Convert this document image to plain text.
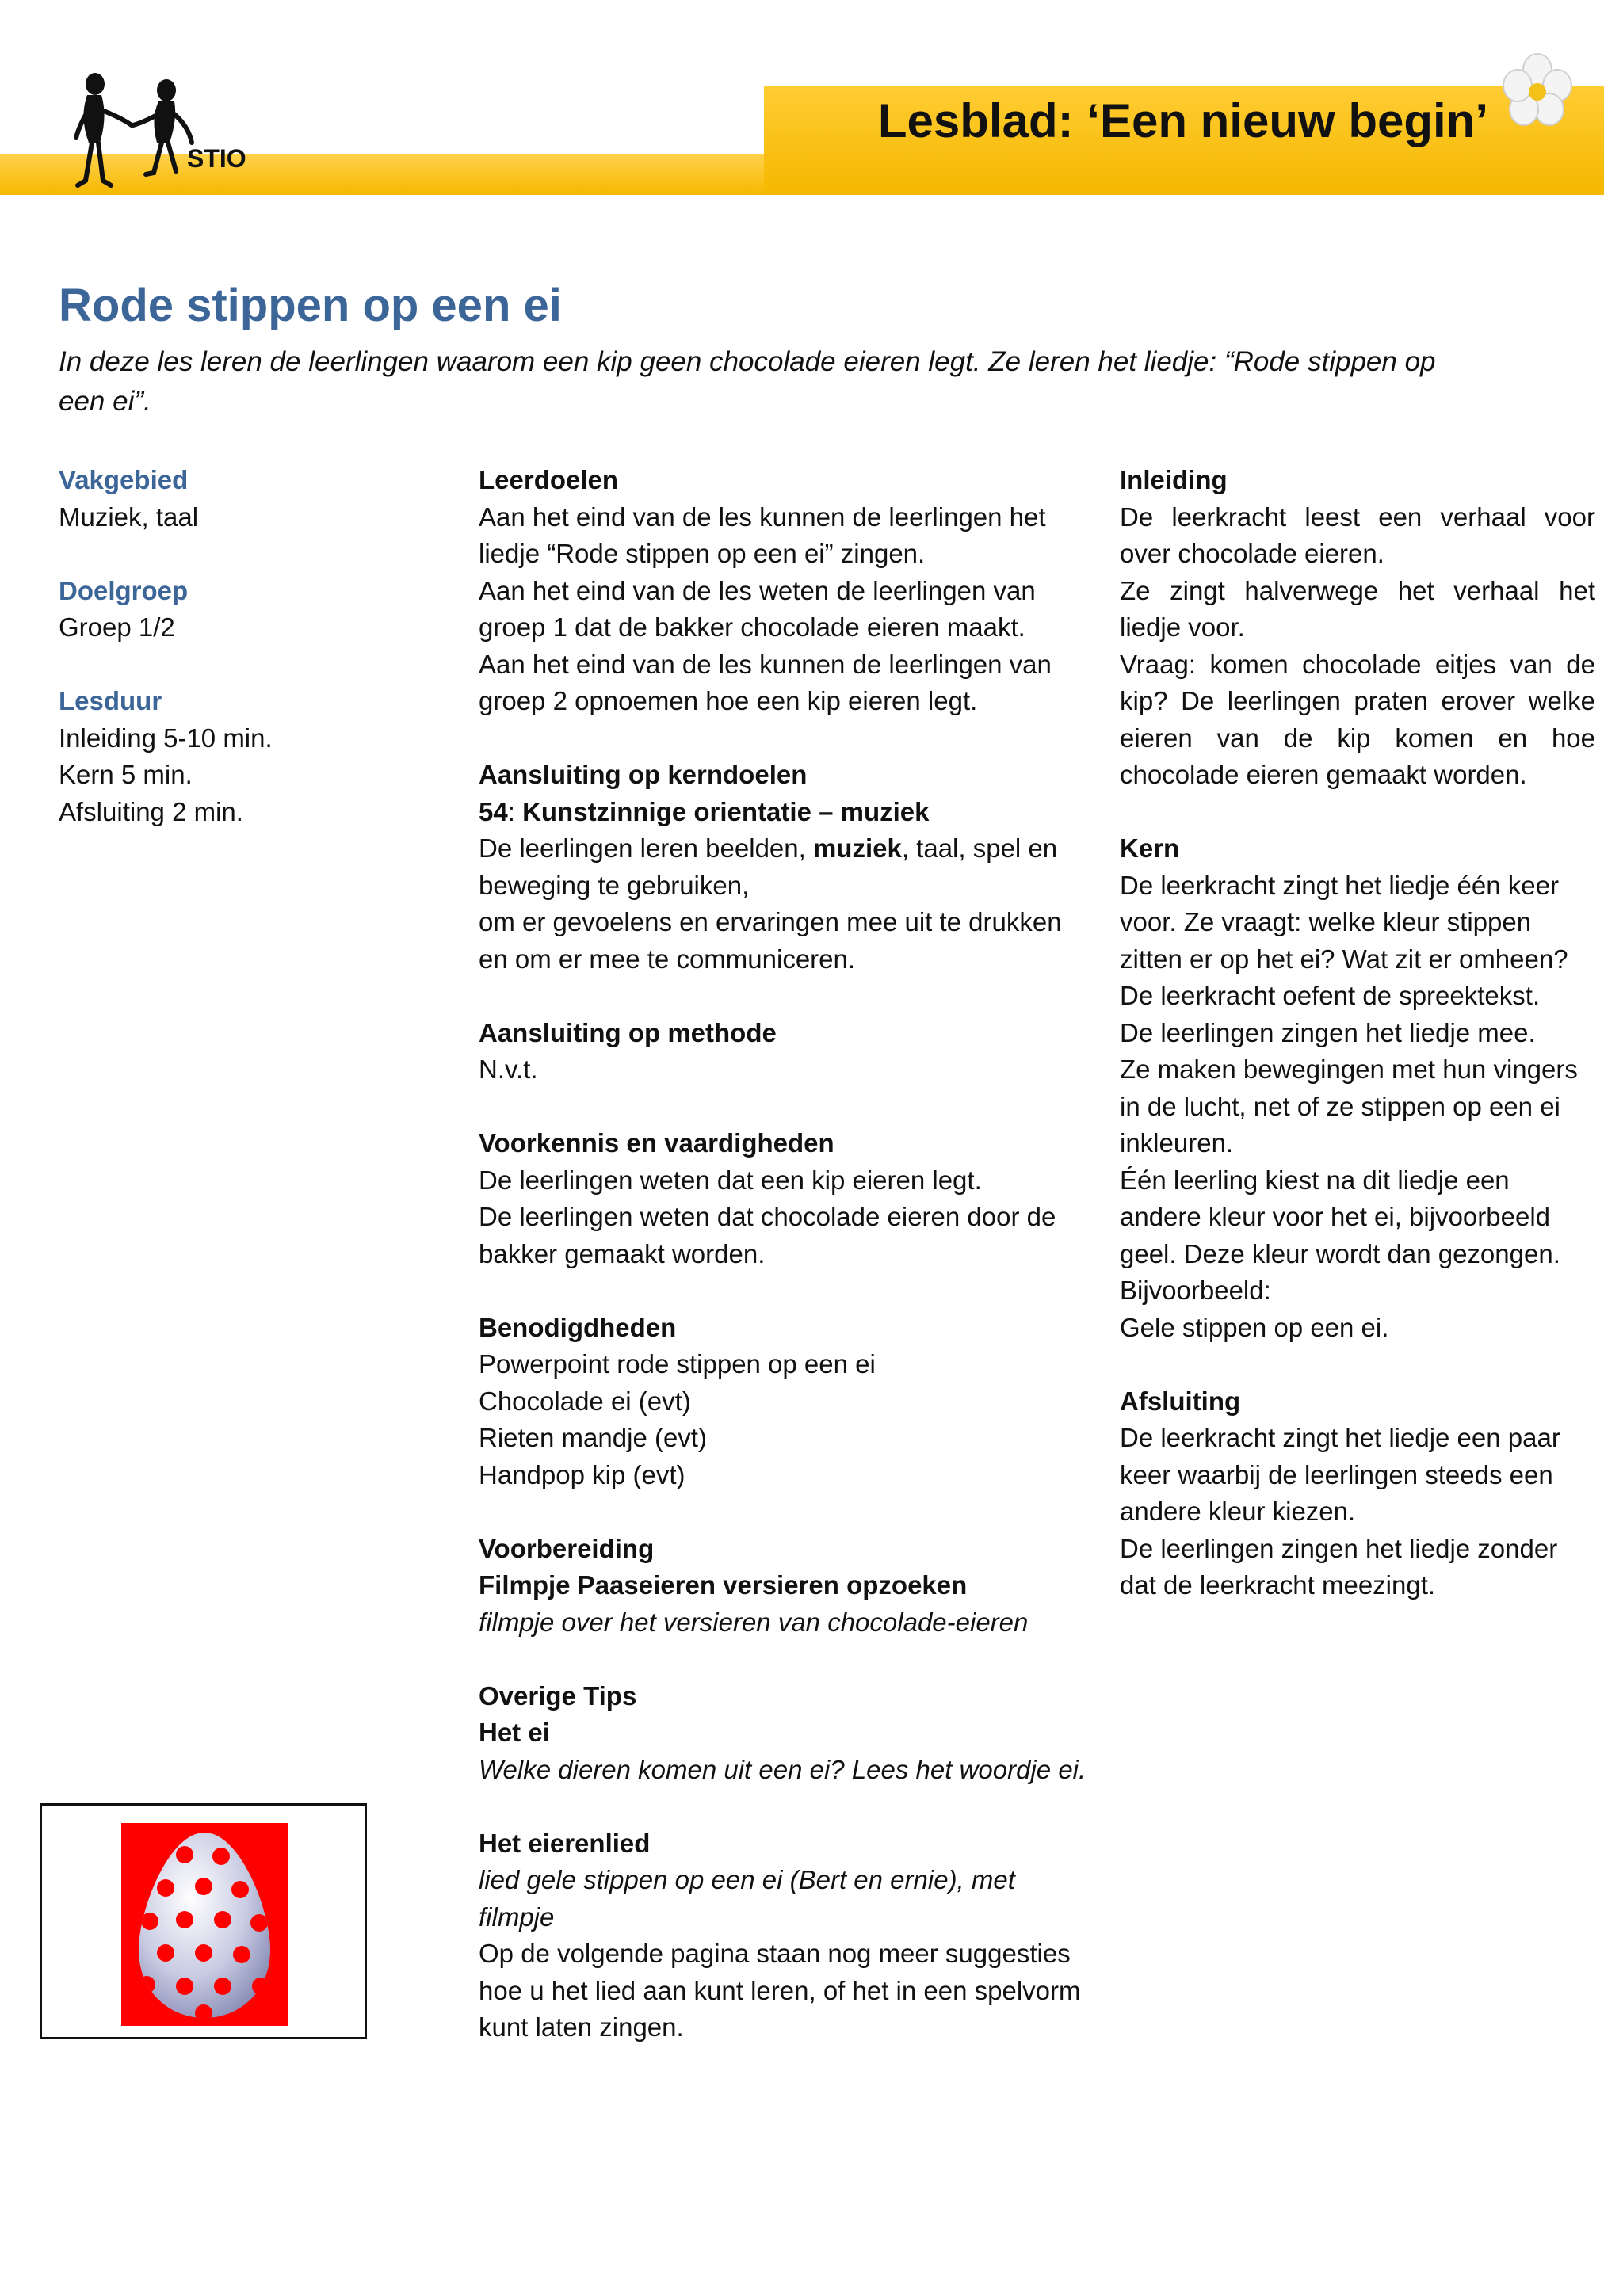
Lesblad: ‘Een nieuw begin’
STIO
Rode stippen op een ei
In deze les leren de leerlingen waarom een kip geen chocolade eieren legt. Ze leren het liedje: “Rode stippen op een ei”.

Vakgebied

Muziek, taal

Doelgroep

Groep 1/2

Lesduur

Inleiding 5-10 min.

Kern 5 min.

Afsluiting 2 min.

Leerdoelen

Aan het eind van de les kunnen de leerlingen het liedje “Rode stippen op een ei” zingen.

Aan het eind van de les weten de leerlingen van groep 1 dat de bakker chocolade eieren maakt.

Aan het eind van de les kunnen de leerlingen van groep 2 opnoemen hoe een kip eieren legt.

Aansluiting op kerndoelen

54: Kunstzinnige orientatie – muziek

De leerlingen leren beelden, muziek, taal, spel en beweging te gebruiken,

om er gevoelens en ervaringen mee uit te drukken en om er mee te communiceren.

Aansluiting op methode

N.v.t.

Voorkennis en vaardigheden

De leerlingen weten dat een kip eieren legt.

De leerlingen weten dat chocolade eieren door de bakker gemaakt worden.

Benodigdheden

Powerpoint rode stippen op een ei

Chocolade ei (evt)

Rieten mandje (evt)

Handpop kip (evt)

Voorbereiding

Filmpje Paaseieren versieren opzoeken

filmpje over het versieren van chocolade-eieren

Overige Tips

Het ei

Welke dieren komen uit een ei? Lees het woordje ei.

Het eierenlied

lied gele stippen op een ei (Bert en ernie), met filmpje

Op de volgende pagina staan nog meer suggesties hoe u het lied aan kunt leren, of het in een spelvorm kunt laten zingen.

Inleiding

De leerkracht leest een verhaal voor over chocolade eieren.

Ze zingt halverwege het verhaal het liedje voor.

Vraag: komen chocolade eitjes van de kip? De leerlingen praten erover welke eieren van de kip komen en hoe chocolade eieren gemaakt worden.

Kern

De leerkracht zingt het liedje één keer voor. Ze vraagt: welke kleur stippen zitten er op het ei? Wat zit er omheen?

De leerkracht oefent de spreektekst.

De leerlingen zingen het liedje mee.

Ze maken bewegingen met hun vingers in de lucht, net of ze stippen op een ei inkleuren.

Één leerling kiest na dit liedje een andere kleur voor het ei, bijvoorbeeld geel. Deze kleur wordt dan gezongen.

Bijvoorbeeld:

Gele stippen op een ei.

Afsluiting

De leerkracht zingt het liedje een paar keer waarbij de leerlingen steeds een andere kleur kiezen.

De leerlingen zingen het liedje zonder dat de leerkracht meezingt.
